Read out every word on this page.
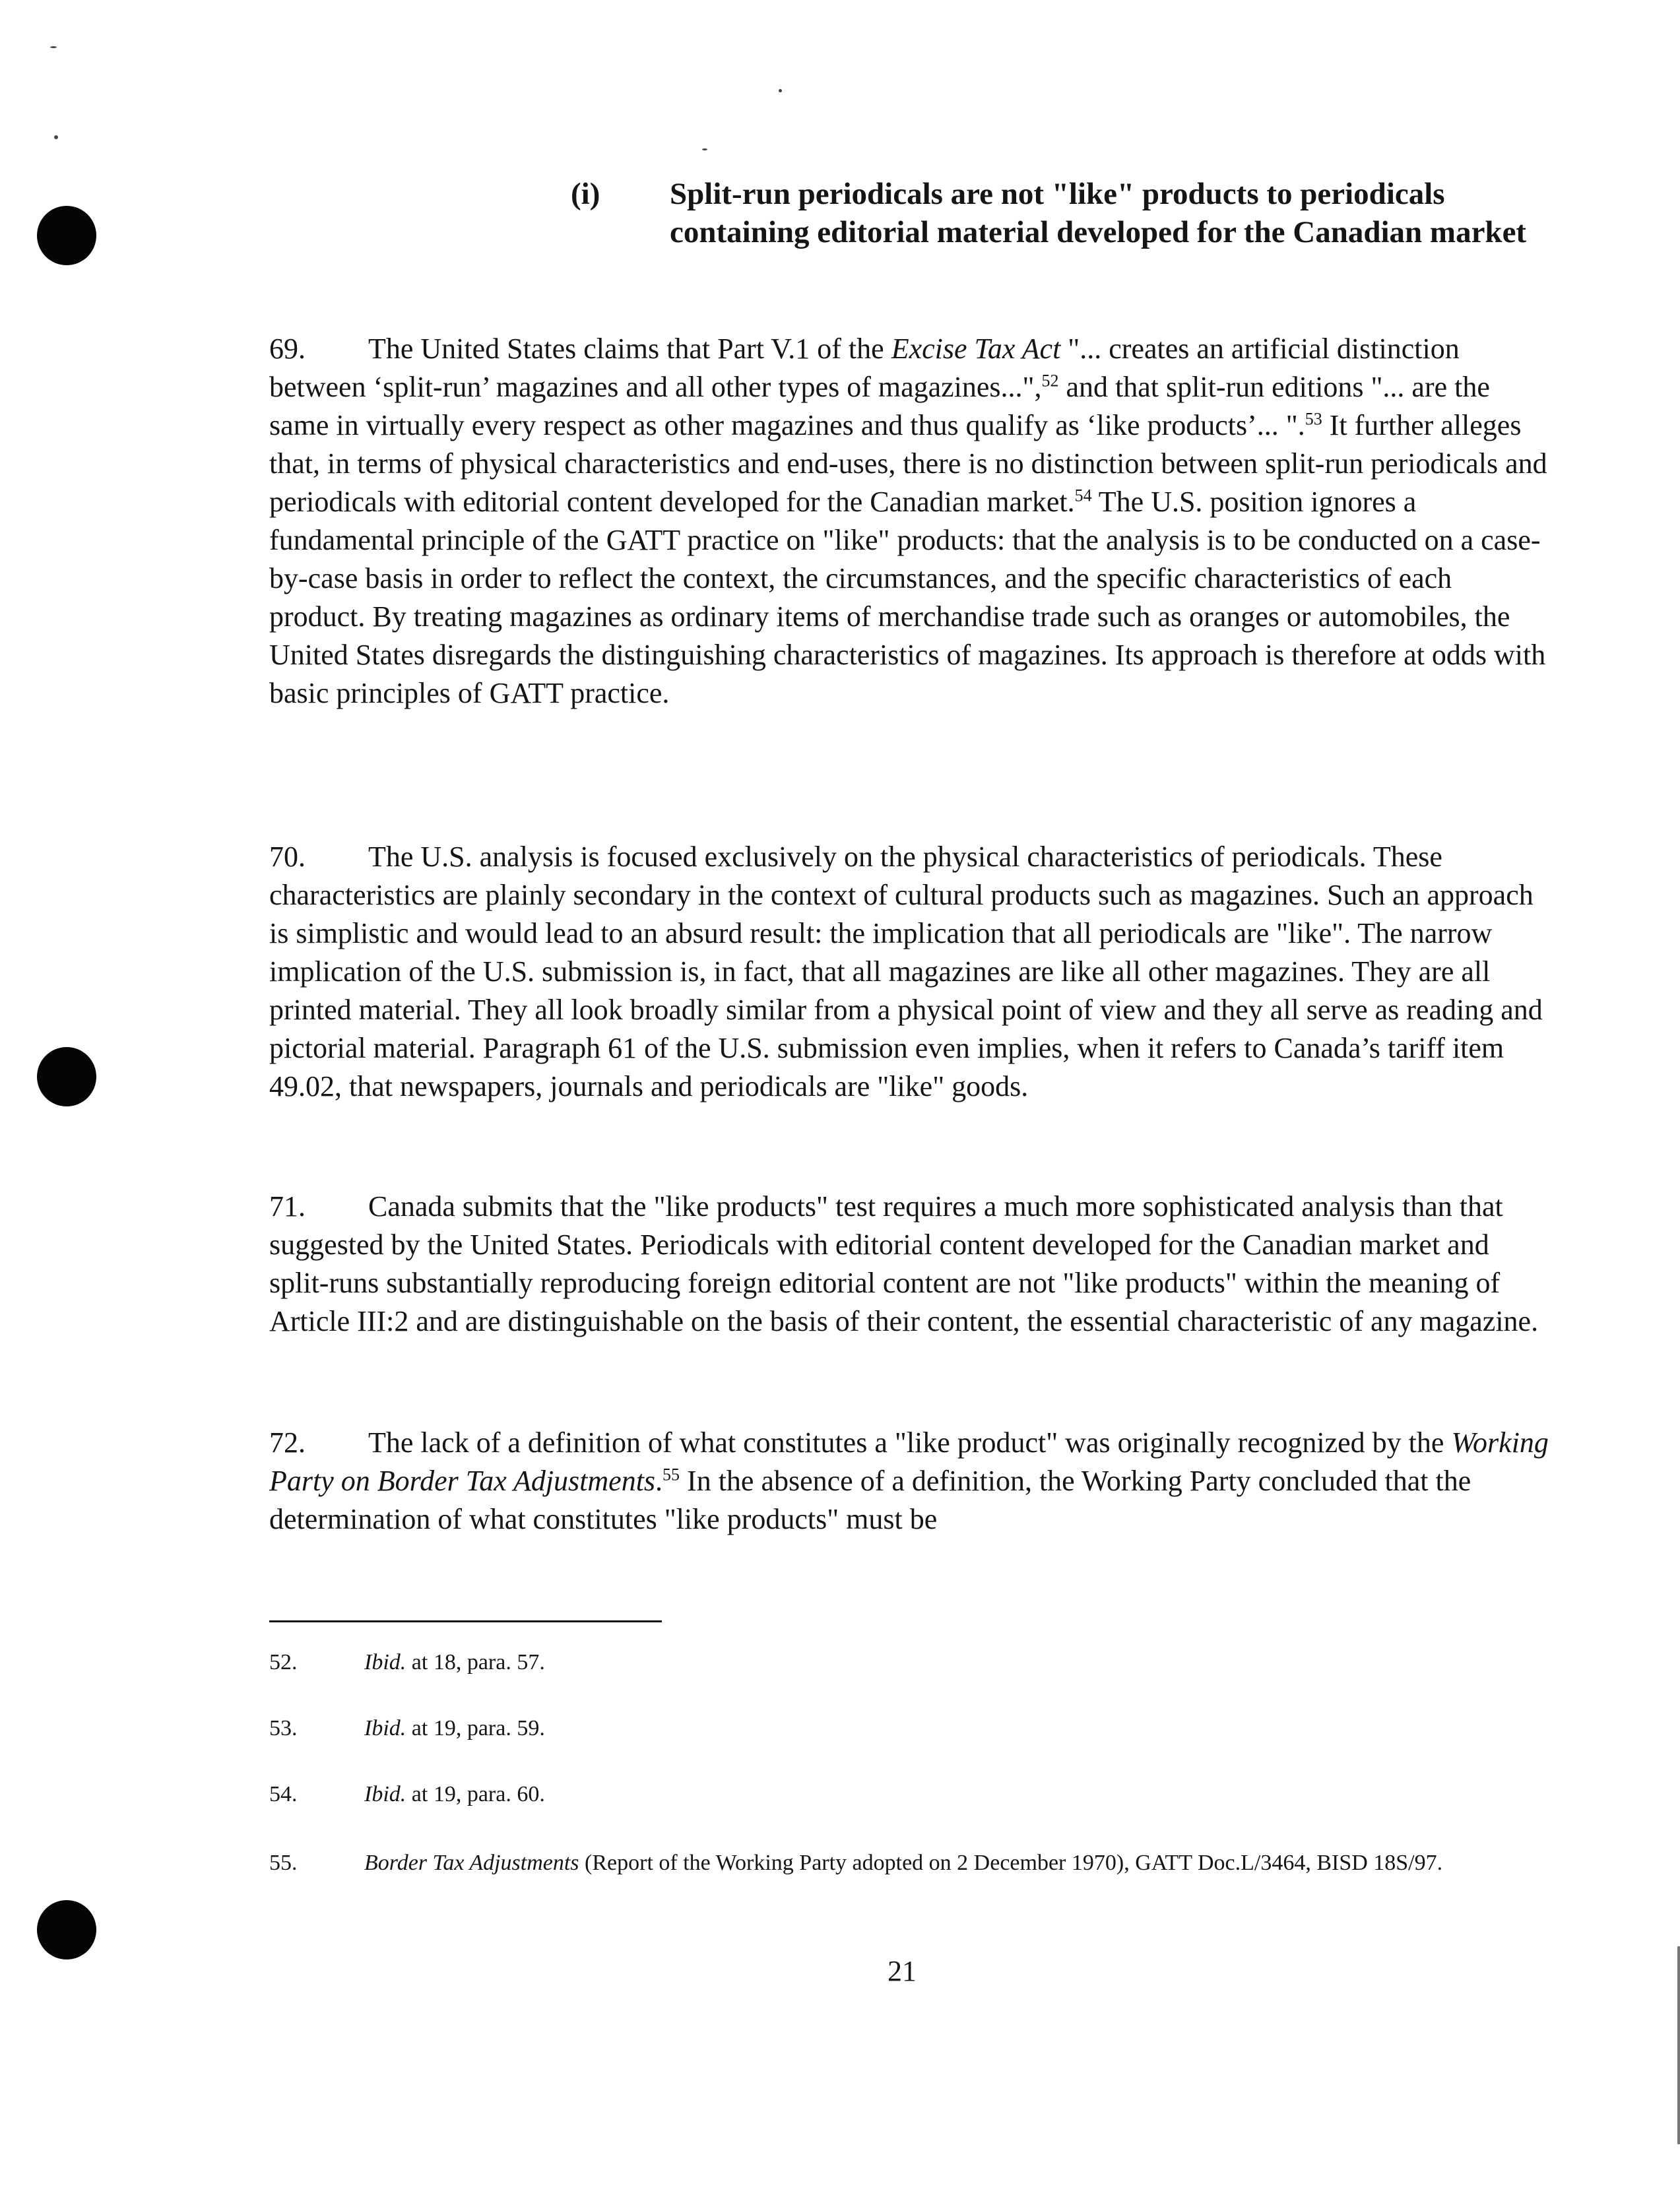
(i) Split-run periodicals are not "like" products to periodicals containing editorial material developed for the Canadian market

69. The United States claims that Part V.1 of the Excise Tax Act "... creates an artificial distinction between ‘split-run’ magazines and all other types of magazines...",$^{52}$ and that split-run editions "... are the same in virtually every respect as other magazines and thus qualify as ‘like products’... ".$^{53}$ It further alleges that, in terms of physical characteristics and end-uses, there is no distinction between split-run periodicals and periodicals with editorial content developed for the Canadian market.$^{54}$ The U.S. position ignores a fundamental principle of the GATT practice on "like" products: that the analysis is to be conducted on a case-by-case basis in order to reflect the context, the circumstances, and the specific characteristics of each product. By treating magazines as ordinary items of merchandise trade such as oranges or automobiles, the United States disregards the distinguishing characteristics of magazines. Its approach is therefore at odds with basic principles of GATT practice.

70. The U.S. analysis is focused exclusively on the physical characteristics of periodicals. These characteristics are plainly secondary in the context of cultural products such as magazines. Such an approach is simplistic and would lead to an absurd result: the implication that all periodicals are "like". The narrow implication of the U.S. submission is, in fact, that all magazines are like all other magazines. They are all printed material. They all look broadly similar from a physical point of view and they all serve as reading and pictorial material. Paragraph 61 of the U.S. submission even implies, when it refers to Canada’s tariff item 49.02, that newspapers, journals and periodicals are "like" goods.

71. Canada submits that the "like products" test requires a much more sophisticated analysis than that suggested by the United States. Periodicals with editorial content developed for the Canadian market and split-runs substantially reproducing foreign editorial content are not "like products" within the meaning of Article III:2 and are distinguishable on the basis of their content, the essential characteristic of any magazine.

72. The lack of a definition of what constitutes a "like product" was originally recognized by the Working Party on Border Tax Adjustments.$^{55}$ In the absence of a definition, the Working Party concluded that the determination of what constitutes "like products" must be

52.	Ibid. at 18, para. 57.
53.	Ibid. at 19, para. 59.
54.	Ibid. at 19, para. 60.
55.	Border Tax Adjustments (Report of the Working Party adopted on 2 December 1970), GATT Doc.L/3464, BISD 18S/97.
21
